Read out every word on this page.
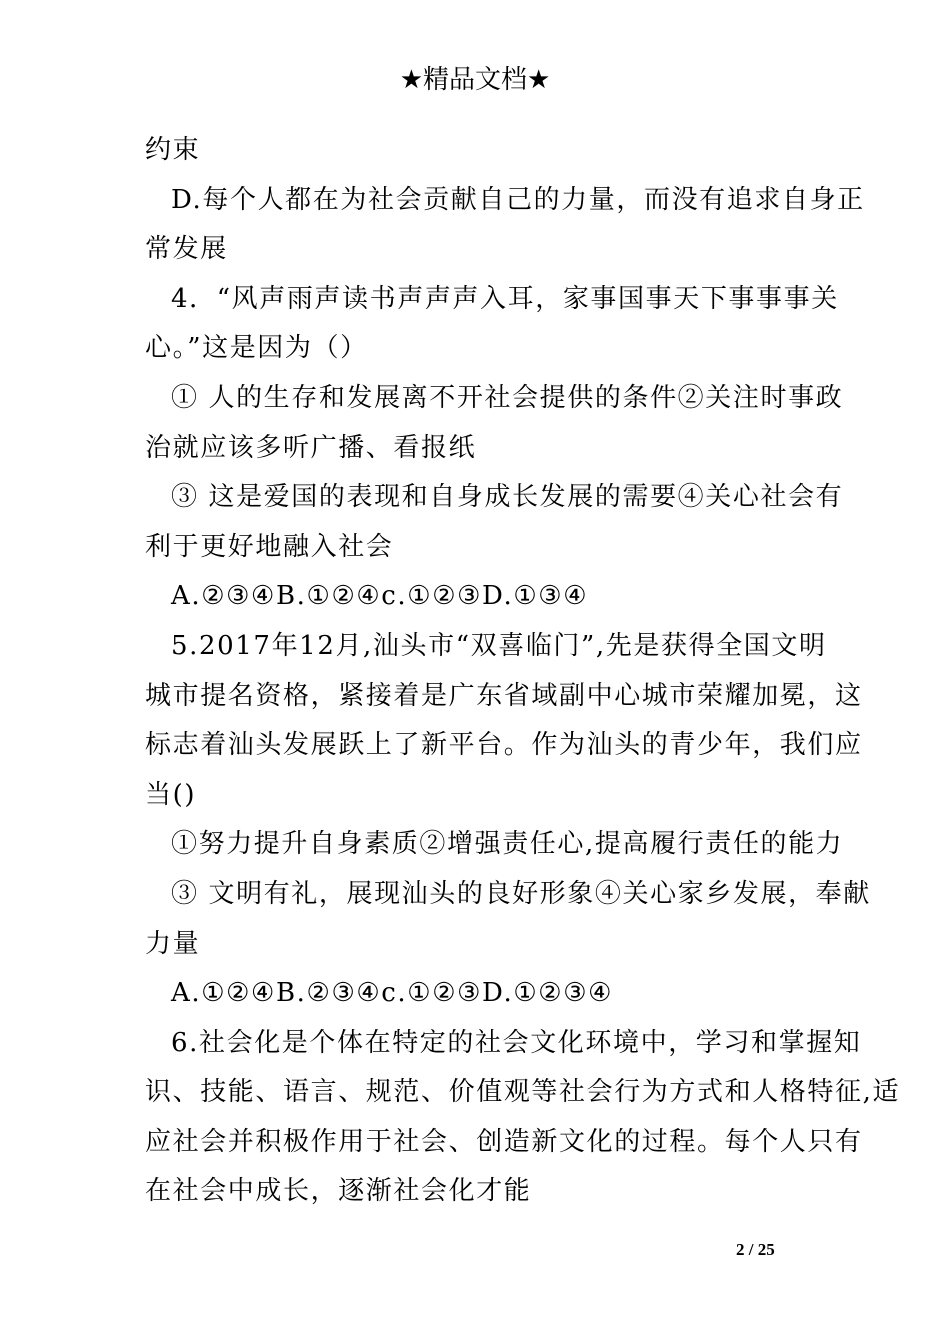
★精品文档★
约束
D.每个人都在为社会贡献自己的力量，而没有追求自身正
常发展
4．“风声雨声读书声声声入耳，家事国事天下事事事关
心。”这是因为（）
① 人的生存和发展离不开社会提供的条件②关注时事政
治就应该多听广播、看报纸
③ 这是爱国的表现和自身成长发展的需要④关心社会有
利于更好地融入社会
A.②③④B.①②④c.①②③D.①③④
5.2017年12月,汕头市“双喜临门”,先是获得全国文明
城市提名资格，紧接着是广东省域副中心城市荣耀加冕，这
标志着汕头发展跃上了新平台。作为汕头的青少年，我们应
当()
①努力提升自身素质②增强责任心,提高履行责任的能力
③ 文明有礼，展现汕头的良好形象④关心家乡发展，奉献
力量
A.①②④B.②③④c.①②③D.①②③④
6.社会化是个体在特定的社会文化环境中，学习和掌握知
识、技能、语言、规范、价值观等社会行为方式和人格特征,适
应社会并积极作用于社会、创造新文化的过程。每个人只有
在社会中成长，逐渐社会化才能
2 / 25
